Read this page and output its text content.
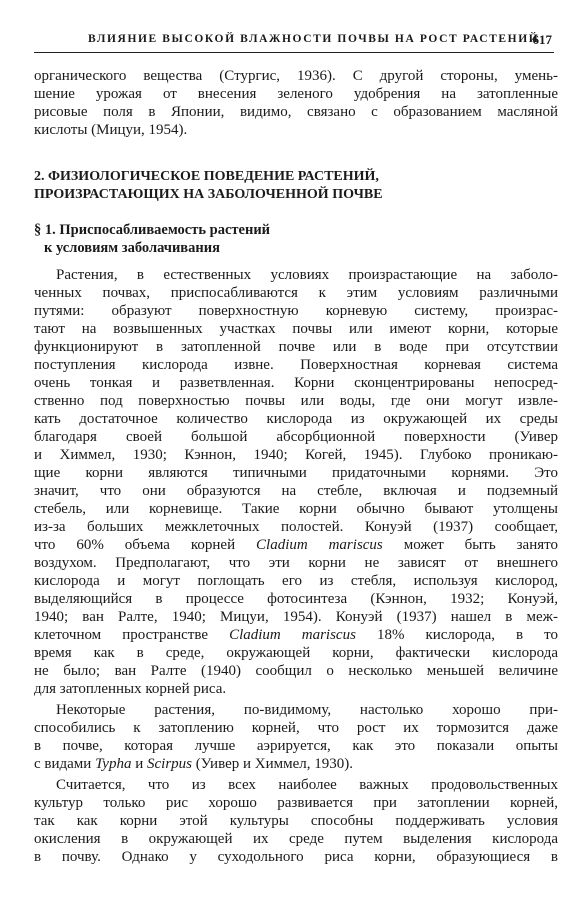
ВЛИЯНИЕ ВЫСОКОЙ ВЛАЖНОСТИ ПОЧВЫ НА РОСТ РАСТЕНИЙ
617
органического вещества (Стургис, 1936). С другой стороны, умень-
шение урожая от внесения зеленого удобрения на затопленные
рисовые поля в Японии, видимо, связано с образованием масляной
кислоты (Мицуи, 1954).
2. ФИЗИОЛОГИЧЕСКОЕ ПОВЕДЕНИЕ РАСТЕНИЙ,
ПРОИЗРАСТАЮЩИХ НА ЗАБОЛОЧЕННОЙ ПОЧВЕ
§ 1. Приспосабливаемость растений
к условиям заболачивания
Растения, в естественных условиях произрастающие на заболо-
ченных почвах, приспосабливаются к этим условиям различными
путями: образуют поверхностную корневую систему, произрас-
тают на возвышенных участках почвы или имеют корни, которые
функционируют в затопленной почве или в воде при отсутствии
поступления кислорода извне. Поверхностная корневая система
очень тонкая и разветвленная. Корни сконцентрированы непосред-
ственно под поверхностью почвы или воды, где они могут извле-
кать достаточное количество кислорода из окружающей их среды
благодаря своей большой абсорбционной поверхности (Уивер
и Химмел, 1930; Кэннон, 1940; Когей, 1945). Глубоко проникаю-
щие корни являются типичными придаточными корнями. Это
значит, что они образуются на стебле, включая и подземный
стебель, или корневище. Такие корни обычно бывают утолщены
из-за больших межклеточных полостей. Конуэй (1937) сообщает,
что 60% объема корней Cladium mariscus может быть занято
воздухом. Предполагают, что эти корни не зависят от внешнего
кислорода и могут поглощать его из стебля, используя кислород,
выделяющийся в процессе фотосинтеза (Кэннон, 1932; Конуэй,
1940; ван Ралте, 1940; Мицуи, 1954). Конуэй (1937) нашел в меж-
клеточном пространстве Cladium mariscus 18% кислорода, в то
время как в среде, окружающей корни, фактически кислорода
не было; ван Ралте (1940) сообщил о несколько меньшей величине
для затопленных корней риса.
Некоторые растения, по-видимому, настолько хорошо при-
способились к затоплению корней, что рост их тормозится даже
в почве, которая лучше аэрируется, как это показали опыты
с видами Typha и Scirpus (Уивер и Химмел, 1930).
Считается, что из всех наиболее важных продовольственных
культур только рис хорошо развивается при затоплении корней,
так как корни этой культуры способны поддерживать условия
окисления в окружающей их среде путем выделения кислорода
в почву. Однако у суходольного риса корни, образующиеся в
